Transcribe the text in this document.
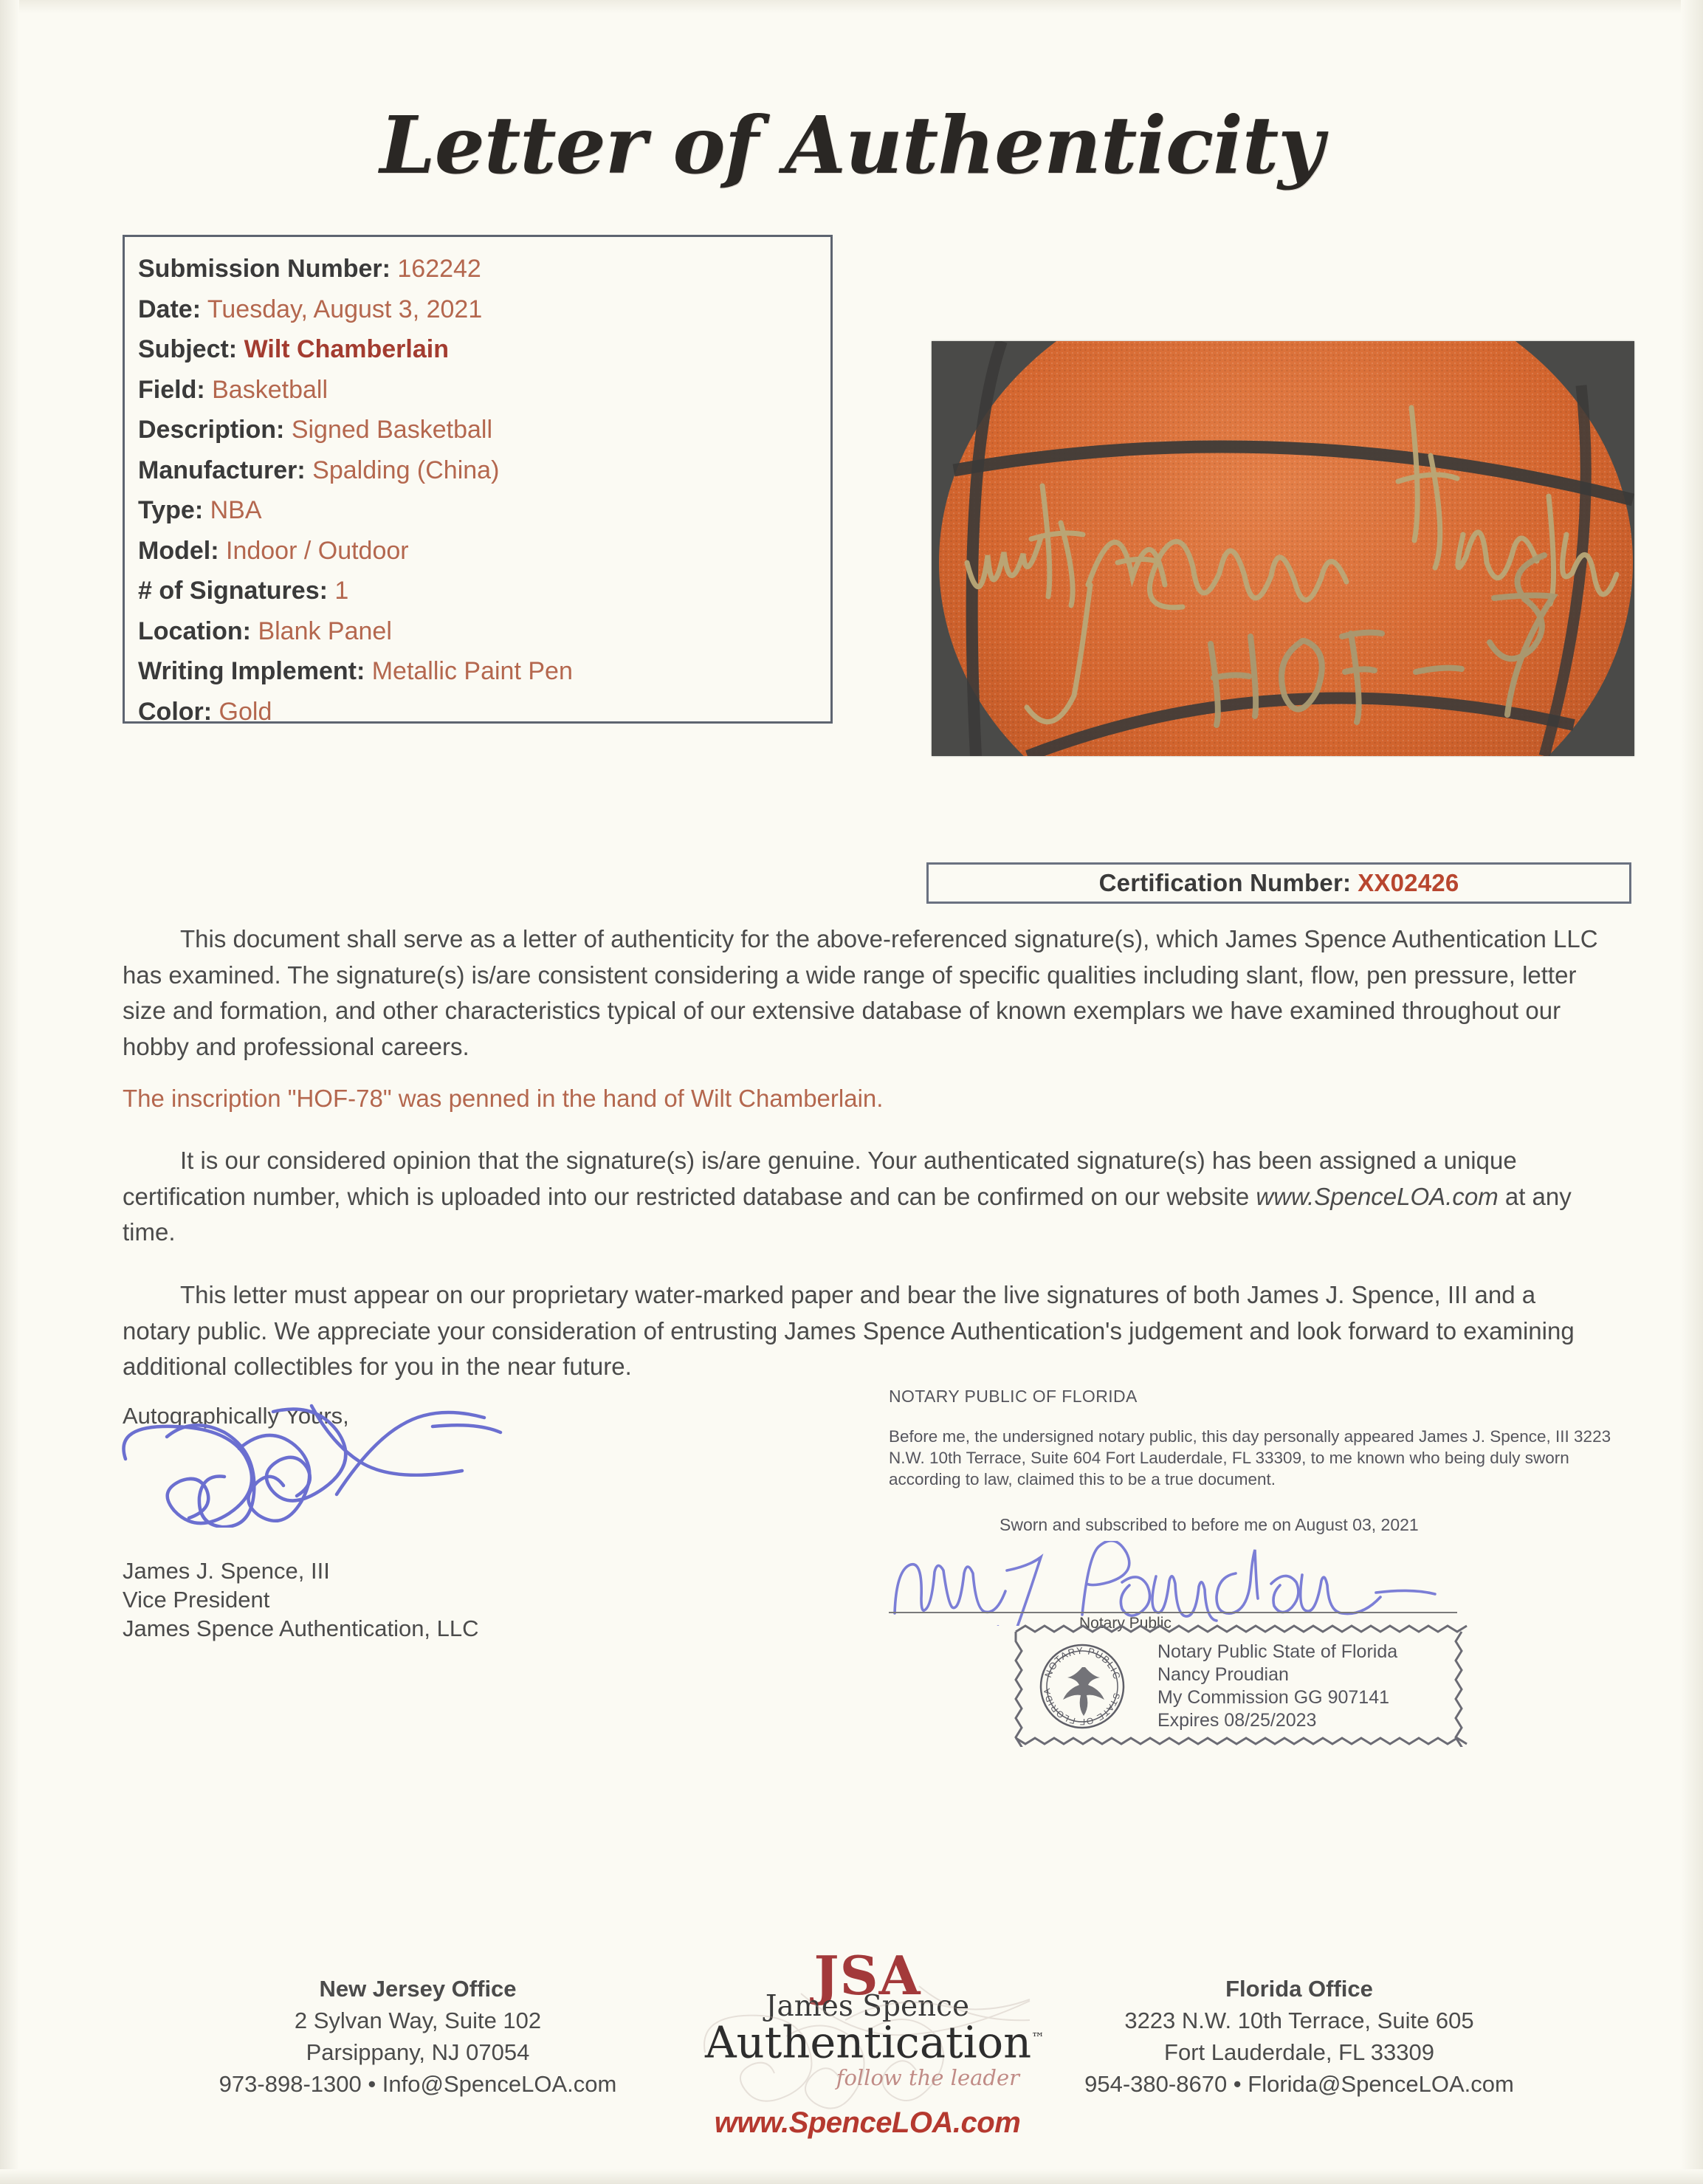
Letter of Authenticity
Submission Number: 162242
Date: Tuesday, August 3, 2021
Subject: Wilt Chamberlain
Field: Basketball
Description: Signed Basketball
Manufacturer: Spalding (China)
Type: NBA
Model: Indoor / Outdoor
# of Signatures: 1
Location: Blank Panel
Writing Implement: Metallic Paint Pen
Color: Gold
Certification Number: XX02426
This document shall serve as a letter of authenticity for the above-referenced signature(s), which James Spence Authentication LLC has examined. The signature(s) is/are consistent considering a wide range of specific qualities including slant, flow, pen pressure, letter size and formation, and other characteristics typical of our extensive database of known exemplars we have examined throughout our hobby and professional careers.
The inscription "HOF-78" was penned in the hand of Wilt Chamberlain.
It is our considered opinion that the signature(s) is/are genuine. Your authenticated signature(s) has been assigned a unique certification number, which is uploaded into our restricted database and can be confirmed on our website www.SpenceLOA.com at any time.
This letter must appear on our proprietary water-marked paper and bear the live signatures of both James J. Spence, III and a notary public. We appreciate your consideration of entrusting James Spence Authentication's judgement and look forward to examining additional collectibles for you in the near future.
Autographically Yours,
James J. Spence, III
Vice President
James Spence Authentication, LLC
NOTARY PUBLIC OF FLORIDA
Before me, the undersigned notary public, this day personally appeared James J. Spence, III 3223 N.W. 10th Terrace, Suite 604 Fort Lauderdale, FL 33309, to me known who being duly sworn according to law, claimed this to be a true document.
Sworn and subscribed to before me on August 03, 2021
Notary Public
NOTARY PUBLIC
STATE OF FLORIDA
Notary Public State of Florida
Nancy Proudian
My Commission GG 907141
Expires 08/25/2023
New Jersey Office
2 Sylvan Way, Suite 102
Parsippany, NJ 07054
973-898-1300 • Info@SpenceLOA.com
Florida Office
3223 N.W. 10th Terrace, Suite 605
Fort Lauderdale, FL 33309
954-380-8670 • Florida@SpenceLOA.com
JSA
James Spence
Authentication™
follow the leader
www.SpenceLOA.com
